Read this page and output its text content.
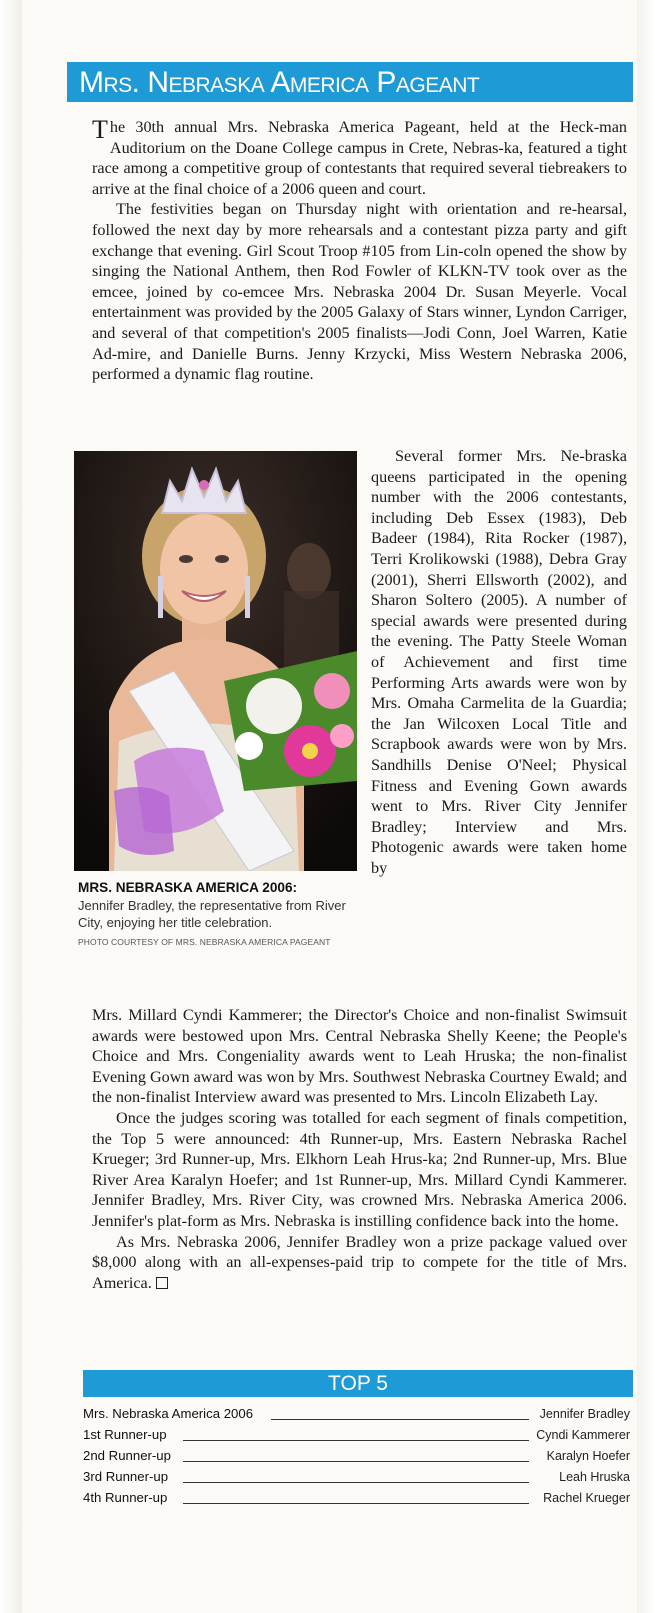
Mrs. Nebraska America Pageant

The 30th annual Mrs. Nebraska America Pageant, held at the Heck-man Auditorium on the Doane College campus in Crete, Nebras-ka, featured a tight race among a competitive group of contestants that required several tiebreakers to arrive at the final choice of a 2006 queen and court.

The festivities began on Thursday night with orientation and re-hearsal, followed the next day by more rehearsals and a contestant pizza party and gift exchange that evening. Girl Scout Troop #105 from Lin-coln opened the show by singing the National Anthem, then Rod Fowler of KLKN-TV took over as the emcee, joined by co-emcee Mrs. Nebraska 2004 Dr. Susan Meyerle. Vocal entertainment was provided by the 2005 Galaxy of Stars winner, Lyndon Carriger, and several of that competition's 2005 finalists—Jodi Conn, Joel Warren, Katie Ad-mire, and Danielle Burns. Jenny Krzycki, Miss Western Nebraska 2006, performed a dynamic flag routine.

MRS. NEBRASKA AMERICA 2006:
Jennifer Bradley, the representative from River City, enjoying her title celebration.
PHOTO COURTESY OF MRS. NEBRASKA AMERICA PAGEANT

Several former Mrs. Ne-braska queens participated in the opening number with the 2006 contestants, including Deb Essex (1983), Deb Badeer (1984), Rita Rocker (1987), Terri Krolikowski (1988), Debra Gray (2001), Sherri Ellsworth (2002), and Sharon Soltero (2005). A number of special awards were presented during the evening. The Patty Steele Woman of Achievement and first time Performing Arts awards were won by Mrs. Omaha Carmelita de la Guardia; the Jan Wilcoxen Local Title and Scrapbook awards were won by Mrs. Sandhills Denise O'Neel; Physical Fitness and Evening Gown awards went to Mrs. River City Jennifer Bradley; Interview and Mrs. Photogenic awards were taken home by

Mrs. Millard Cyndi Kammerer; the Director's Choice and non-finalist Swimsuit awards were bestowed upon Mrs. Central Nebraska Shelly Keene; the People's Choice and Mrs. Congeniality awards went to Leah Hruska; the non-finalist Evening Gown award was won by Mrs. Southwest Nebraska Courtney Ewald; and the non-finalist Interview award was presented to Mrs. Lincoln Elizabeth Lay.

Once the judges scoring was totalled for each segment of finals competition, the Top 5 were announced: 4th Runner-up, Mrs. Eastern Nebraska Rachel Krueger; 3rd Runner-up, Mrs. Elkhorn Leah Hrus-ka; 2nd Runner-up, Mrs. Blue River Area Karalyn Hoefer; and 1st Runner-up, Mrs. Millard Cyndi Kammerer. Jennifer Bradley, Mrs. River City, was crowned Mrs. Nebraska America 2006. Jennifer's plat-form as Mrs. Nebraska is instilling confidence back into the home.

As Mrs. Nebraska 2006, Jennifer Bradley won a prize package valued over $8,000 along with an all-expenses-paid trip to compete for the title of Mrs. America.

TOP 5
Mrs. Nebraska America 2006	Jennifer Bradley
1st Runner-up	Cyndi Kammerer
2nd Runner-up	Karalyn Hoefer
3rd Runner-up	Leah Hruska
4th Runner-up	Rachel Krueger
